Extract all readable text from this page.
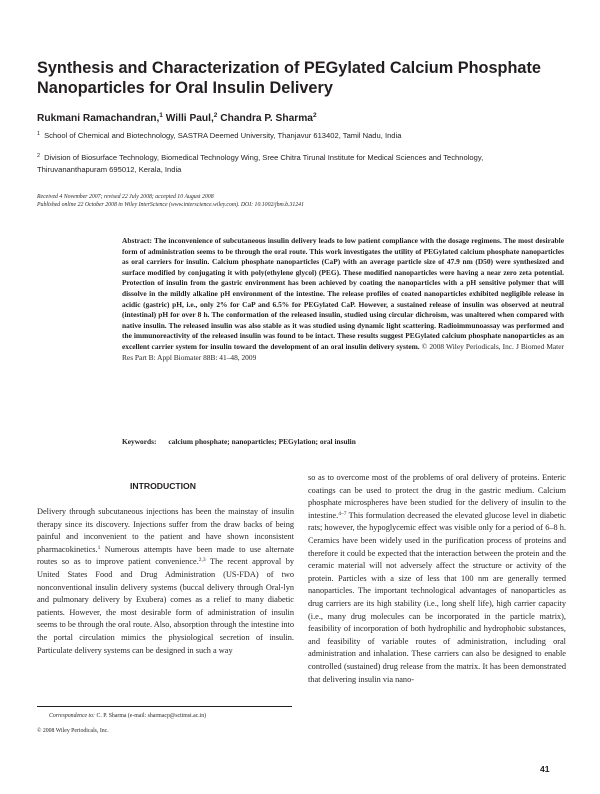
Synthesis and Characterization of PEGylated Calcium Phosphate Nanoparticles for Oral Insulin Delivery
Rukmani Ramachandran,$^1$ Willi Paul,$^2$ Chandra P. Sharma$^2$
$^1$ School of Chemical and Biotechnology, SASTRA Deemed University, Thanjavur 613402, Tamil Nadu, India
$^2$ Division of Biosurface Technology, Biomedical Technology Wing, Sree Chitra Tirunal Institute for Medical Sciences and Technology, Thiruvananthapuram 695012, Kerala, India
Received 4 November 2007; revised 22 July 2008; accepted 10 August 2008
Published online 22 October 2008 in Wiley InterScience (www.interscience.wiley.com). DOI: 10.1002/jbm.b.31241
Abstract: The inconvenience of subcutaneous insulin delivery leads to low patient compliance with the dosage regimens. The most desirable form of administration seems to be through the oral route. This work investigates the utility of PEGylated calcium phosphate nanoparticles as oral carriers for insulin. Calcium phosphate nanoparticles (CaP) with an average particle size of 47.9 nm (D50) were synthesized and surface modified by conjugating it with poly(ethylene glycol) (PEG). These modified nanoparticles were having a near zero zeta potential. Protection of insulin from the gastric environment has been achieved by coating the nanoparticles with a pH sensitive polymer that will dissolve in the mildly alkaline pH environment of the intestine. The release profiles of coated nanoparticles exhibited negligible release in acidic (gastric) pH, i.e., only 2% for CaP and 6.5% for PEGylated CaP. However, a sustained release of insulin was observed at neutral (intestinal) pH for over 8 h. The conformation of the released insulin, studied using circular dichroism, was unaltered when compared with native insulin. The released insulin was also stable as it was studied using dynamic light scattering. Radioimmunoassay was performed and the immunoreactivity of the released insulin was found to be intact. These results suggest PEGylated calcium phosphate nanoparticles as an excellent carrier system for insulin toward the development of an oral insulin delivery system. © 2008 Wiley Periodicals, Inc. J Biomed Mater Res Part B: Appl Biomater 88B: 41–48, 2009
Keywords: calcium phosphate; nanoparticles; PEGylation; oral insulin
INTRODUCTION

Delivery through subcutaneous injections has been the mainstay of insulin therapy since its discovery. Injections suffer from the draw backs of being painful and inconvenient to the patient and have shown inconsistent pharmacokinetics.$^1$ Numerous attempts have been made to use alternate routes so as to improve patient convenience.$^{2,3}$ The recent approval by United States Food and Drug Administration (US-FDA) of two nonconventional insulin delivery systems (buccal delivery through Oral-lyn and pulmonary delivery by Exubera) comes as a relief to many diabetic patients. However, the most desirable form of administration of insulin seems to be through the oral route. Also, absorption through the intestine into the portal circulation mimics the physiological secretion of insulin. Particulate delivery systems can be designed in such a way

so as to overcome most of the problems of oral delivery of proteins. Enteric coatings can be used to protect the drug in the gastric medium. Calcium phosphate microspheres have been studied for the delivery of insulin to the intestine.$^{4-7}$ This formulation decreased the elevated glucose level in diabetic rats; however, the hypoglycemic effect was visible only for a period of 6–8 h. Ceramics have been widely used in the purification process of proteins and therefore it could be expected that the interaction between the protein and the ceramic material will not adversely affect the structure or activity of the protein. Particles with a size of less that 100 nm are generally termed nanoparticles. The important technological advantages of nanoparticles as drug carriers are its high stability (i.e., long shelf life), high carrier capacity (i.e., many drug molecules can be incorporated in the particle matrix), feasibility of incorporation of both hydrophilic and hydrophobic substances, and feasibility of variable routes of administration, including oral administration and inhalation. These carriers can also be designed to enable controlled (sustained) drug release from the matrix. It has been demonstrated that delivering insulin via nano-

Correspondence to: C. P. Sharma (e-mail: sharmacp@sctimst.ac.in)
© 2008 Wiley Periodicals, Inc.
41
